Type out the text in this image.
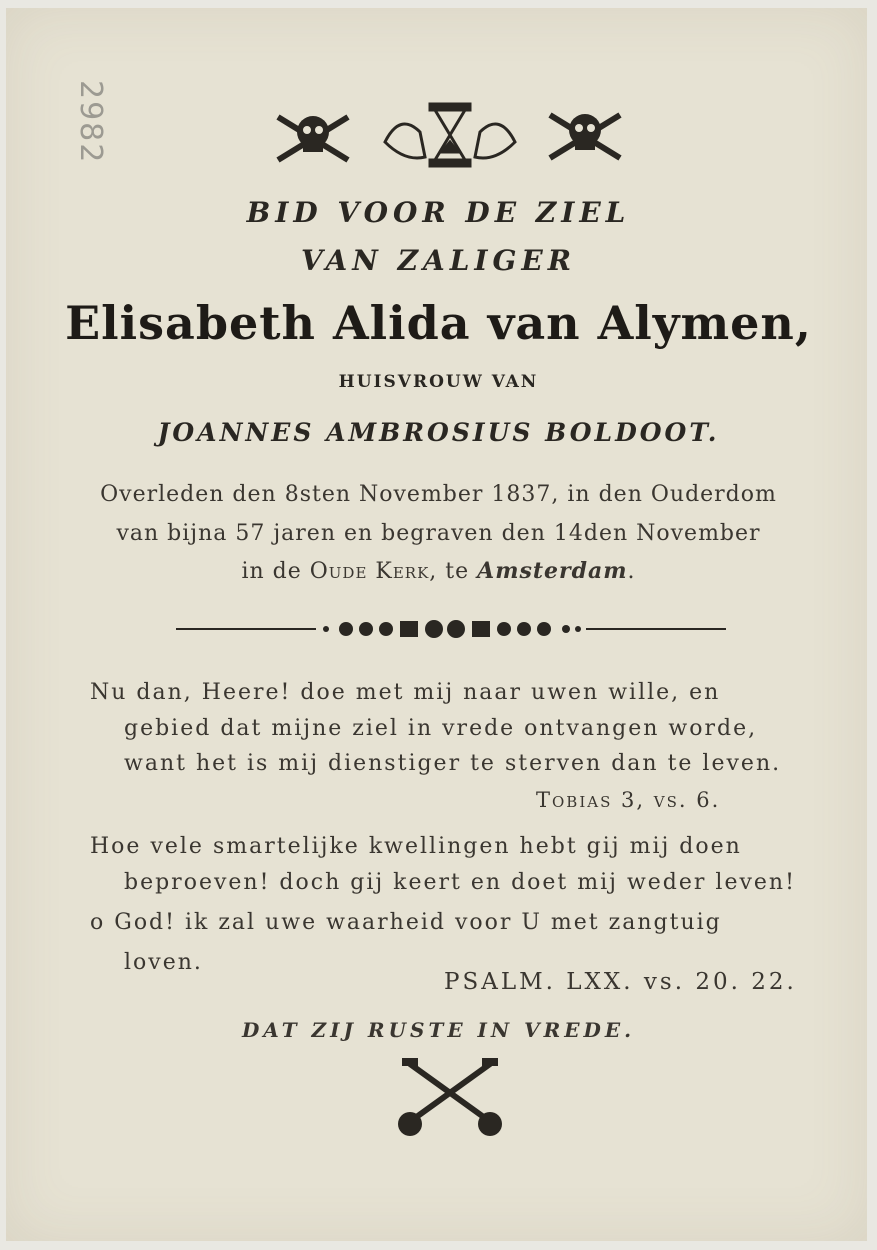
2982
BID VOOR DE ZIEL
VAN ZALIGER
Elisabeth Alida van Alymen,
HUISVROUW VAN
JOANNES AMBROSIUS BOLDOOT.
Overleden den 8sten November 1837, in den Ouderdom
van bijna 57 jaren en begraven den 14den November
in de Oude Kerk, te Amsterdam.
Nu dan, Heere! doe met mij naar uwen wille, en
gebied dat mijne ziel in vrede ontvangen worde,
want het is mij dienstiger te sterven dan te leven.
Tobias 3, vs. 6.
Hoe vele smartelijke kwellingen hebt gij mij doen
beproeven! doch gij keert en doet mij weder leven!
o God! ik zal uwe waarheid voor U met zangtuig
loven.
PSALM. LXX. vs. 20. 22.
DAT ZIJ RUSTE IN VREDE.
